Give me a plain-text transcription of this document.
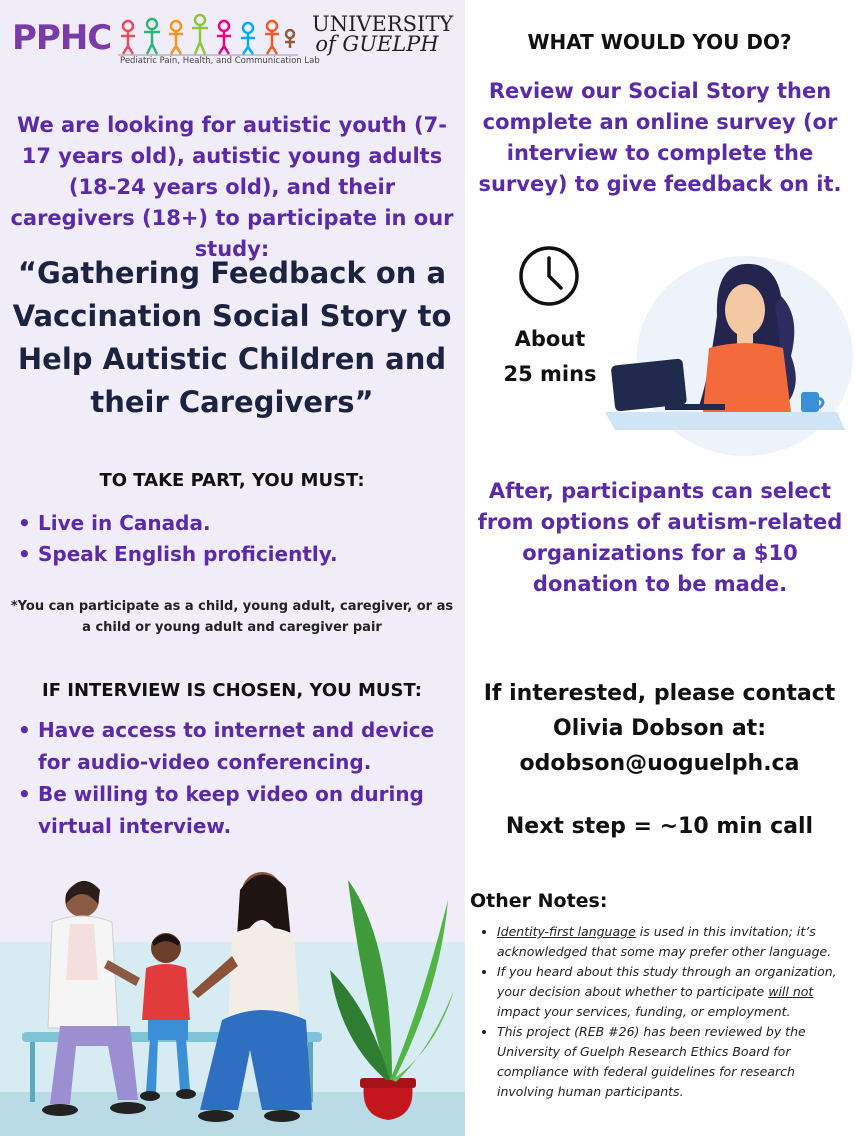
PPHC
Pediatric Pain, Health, and Communication Lab
UNIVERSITY
of GUELPH
We are looking for autistic youth (7-17 years old), autistic young adults (18-24 years old), and their caregivers (18+) to participate in our study:
“Gathering Feedback on a Vaccination Social Story to Help Autistic Children and their Caregivers”
TO TAKE PART, YOU MUST:
• Live in Canada.
• Speak English proficiently.
*You can participate as a child, young adult, caregiver, or as a child or young adult and caregiver pair
IF INTERVIEW IS CHOSEN, YOU MUST:
• Have access to internet and device for audio-video conferencing.
• Be willing to keep video on during virtual interview.
WHAT WOULD YOU DO?
Review our Social Story then complete an online survey (or interview to complete the survey) to give feedback on it.
About
25 mins
After, participants can select from options of autism-related organizations for a $10 donation to be made.
If interested, please contact
Olivia Dobson at:
odobson@uoguelph.ca
Next step = ~10 min call
Other Notes:
• Identity-first language is used in this invitation; it’s acknowledged that some may prefer other language.
• If you heard about this study through an organization, your decision about whether to participate will not impact your services, funding, or employment.
• This project (REB #26) has been reviewed by the University of Guelph Research Ethics Board for compliance with federal guidelines for research involving human participants.
